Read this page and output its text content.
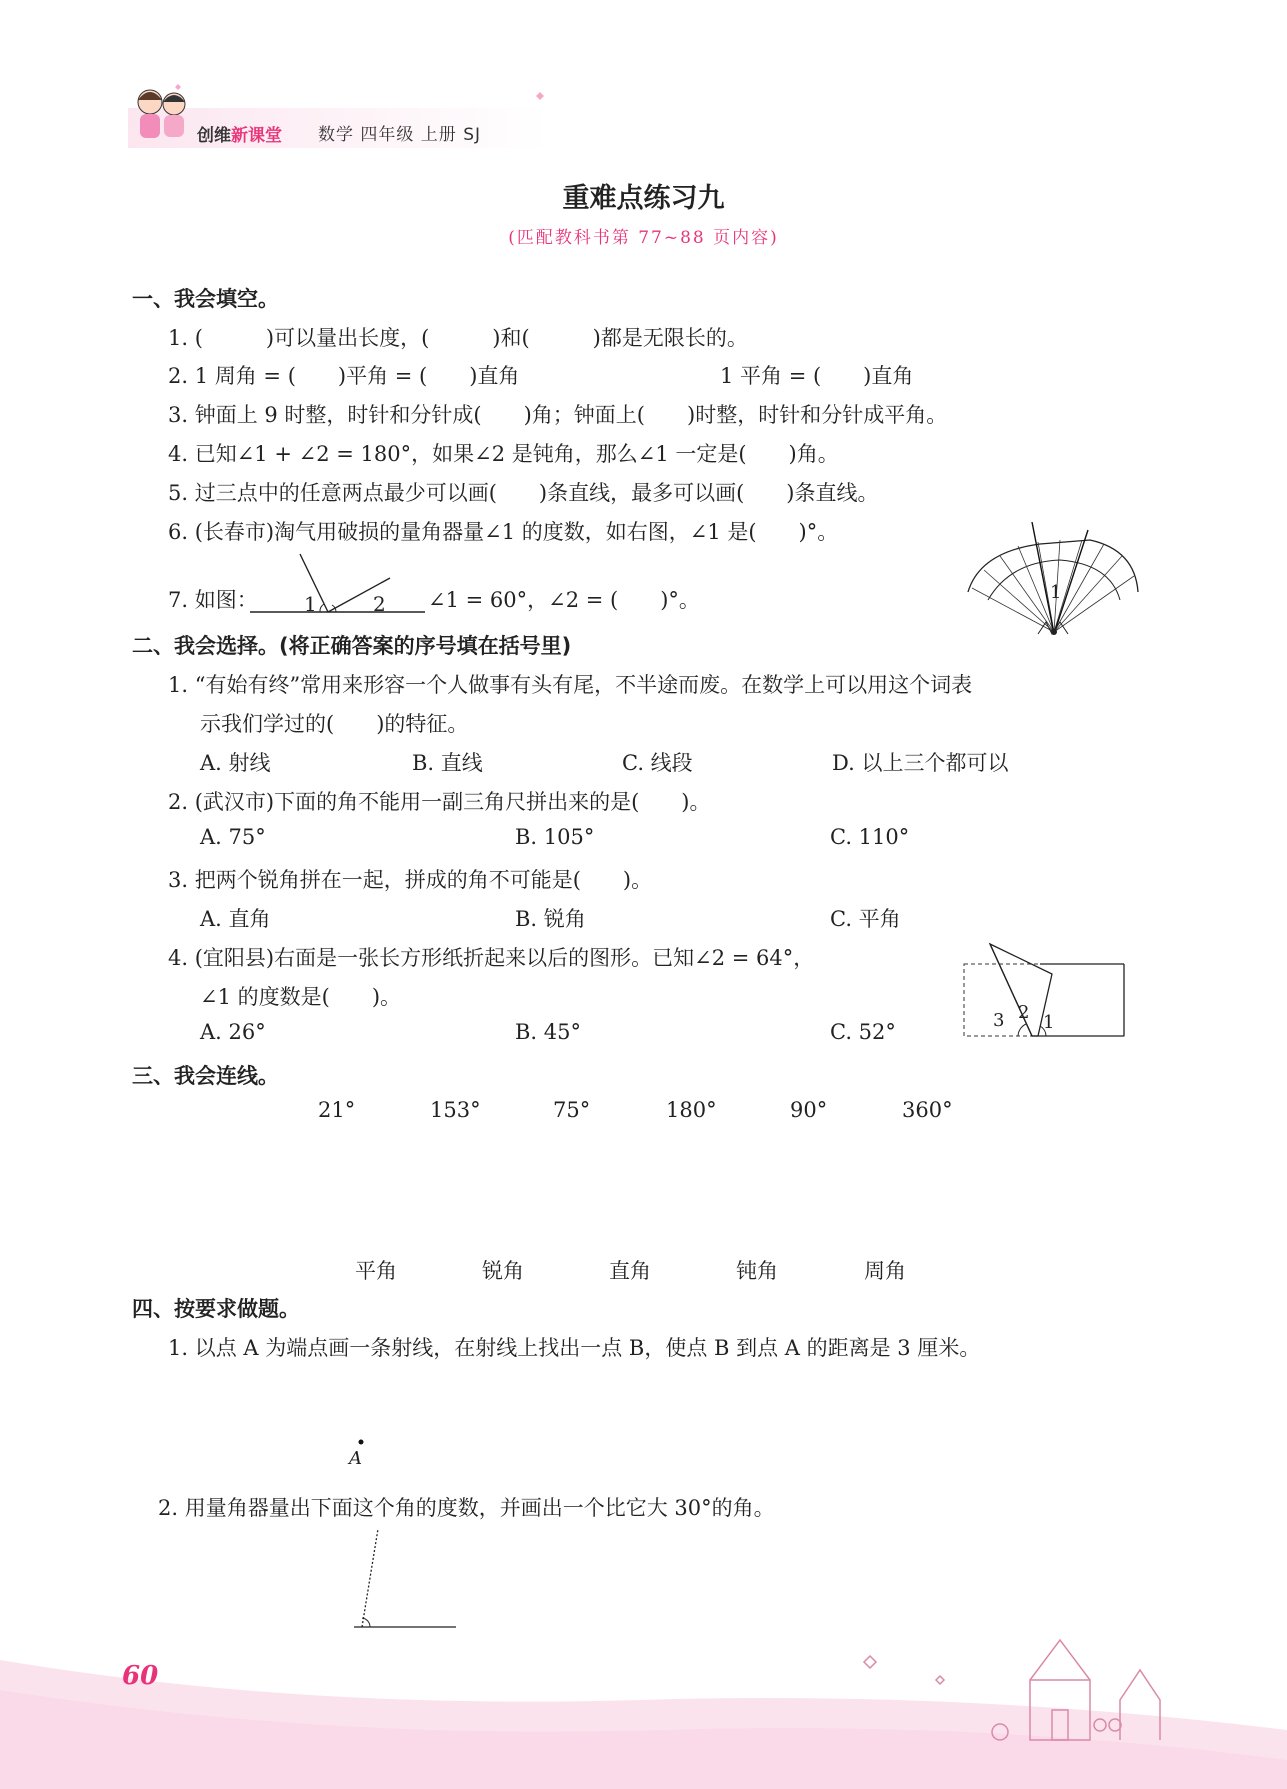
创维新课堂 数学 四年级 上册 SJ
重难点练习九
(匹配教科书第 77~88 页内容)
一、我会填空。
1. (　　　)可以量出长度，(　　　)和(　　　)都是无限长的。
2. 1 周角 = (　　)平角 = (　　)直角	1 平角 = (　　)直角
3. 钟面上 9 时整，时针和分针成(　　)角；钟面上(　　)时整，时针和分针成平角。
4. 已知∠1 + ∠2 = 180°，如果∠2 是钝角，那么∠1 一定是(　　)角。
5. 过三点中的任意两点最少可以画(　　)条直线，最多可以画(　　)条直线。
6. (长春市)淘气用破损的量角器量∠1 的度数，如右图，∠1 是(　　)°。
7. 如图： 1	2 ∠1 = 60°，∠2 = (　　)°。	1
二、我会选择。(将正确答案的序号填在括号里)
1. “有始有终”常用来形容一个人做事有头有尾，不半途而废。在数学上可以用这个词表
示我们学过的(　　)的特征。
A. 射线	B. 直线	C. 线段	D. 以上三个都可以
2. (武汉市)下面的角不能用一副三角尺拼出来的是(　　)。
A. 75°	B. 105°	C. 110°
3. 把两个锐角拼在一起，拼成的角不可能是(　　)。
A. 直角	B. 锐角	C. 平角
4. (宜阳县)右面是一张长方形纸折起来以后的图形。已知∠2 = 64°，
∠1 的度数是(　　)。
A. 26°	B. 45°	C. 52°	3 2 1
三、我会连线。
21°	153°	75°	180°	90°	360°
平角	锐角	直角	钝角	周角
四、按要求做题。
1. 以点 A 为端点画一条射线，在射线上找出一点 B，使点 B 到点 A 的距离是 3 厘米。
A
2. 用量角器量出下面这个角的度数，并画出一个比它大 30°的角。
60
